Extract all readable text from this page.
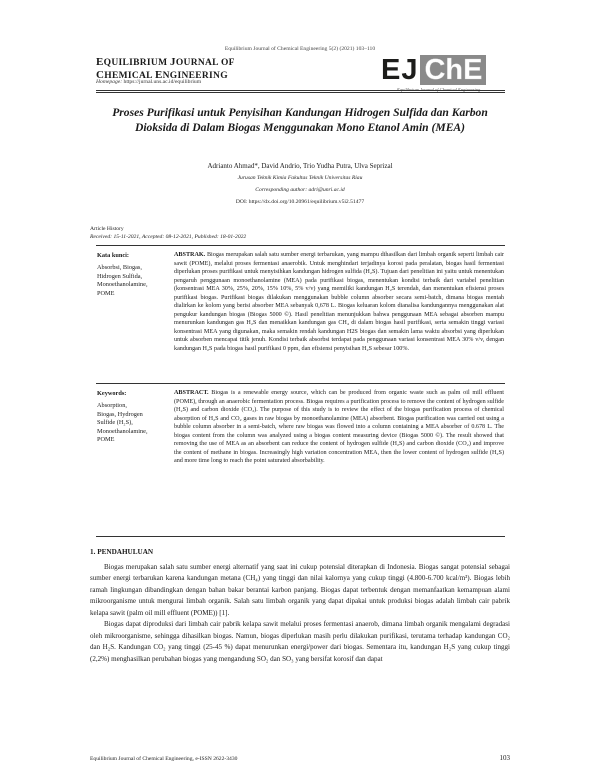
Equilibrium Journal of Chemical Engineering 5(2) (2021) 103–110
EQUILIBRIUM JOURNAL OF
CHEMICAL ENGINEERING
Homepage: https://jurnal.uns.ac.id/equilibrium	EJ ChE
Equilibrium Journal of Chemical Engineering
Proses Purifikasi untuk Penyisihan Kandungan Hidrogen Sulfida dan Karbon Dioksida di Dalam Biogas Menggunakan Mono Etanol Amin (MEA)
Adrianto Ahmad*, David Andrio, Trio Yudha Putra, Ulva Seprizal
Jurusan Teknik Kimia Fakultas Teknik Universitas Riau
Corresponding author: adri@unri.ac.id
DOI: https://dx.doi.org/10.20961/equilibrium.v5i2.51477
Article History
Received: 15-11-2021, Accepted: 08-12-2021, Published: 18-01-2022
Kata kunci:
Absorbsi, Biogas,
Hidrogen Sulfida,
Monoethanolamine,
POME
ABSTRAK. Biogas merupakan salah satu sumber energi terbarukan, yang mampu dihasilkan dari limbah organik seperti limbah cair sawit (POME), melalui proses fermentasi anaerobik. Untuk menghindari terjadinya korosi pada peralatan, biogas hasil fermentasi diperlukan proses purifikasi untuk menyisihkan kandungan hidrogen sulfida (H₂S). Tujuan dari penelitian ini yaitu untuk menentukan pengaruh penggunaan monoethanolamine (MEA) pada purifikasi biogas, menentukan kondisi terbaik dari variabel penelitian (konsentrasi MEA 30%, 25%, 20%, 15% 10%, 5% v/v) yang memiliki kandungan H₂S terendah, dan menentukan efisiensi proses purifikasi biogas. Purifikasi biogas dilakukan menggunakan bubble column absorber secara semi-batch, dimana biogas mentah dialirkan ke kolom yang berisi absorber MEA sebanyak 0,678 L. Biogas keluaran kolom dianalisa kandungannya menggunakan alat pengukur kandungan biogas (Biogas 5000 ©). Hasil penelitian menunjukkan bahwa penggunaan MEA sebagai absorben mampu menurunkan kandungan gas H₂S dan menaikkan kandungan gas CH₄ di dalam biogas hasil purifikasi, serta semakin tinggi variasi konsentrasi MEA yang digunakan, maka semakin rendah kandungan H2S biogas dan semakin lama waktu absorbsi yang diperlukan untuk absorben mencapai titik jenuh. Kondisi terbaik absorbsi terdapat pada penggunaan variasi konsentrasi MEA 30% v/v, dengan kandungan H₂S pada biogas hasil purifikasi 0 ppm, dan efisiensi penyisihan H₂S sebesar 100%.
Keywords:
Absorption,
Biogas, Hydrogen
Sulfide (H₂S),
Monoethanolamine,
POME
ABSTRACT. Biogas is a renewable energy source, which can be produced from organic waste such as palm oil mill effluent (POME), through an anaerobic fermentation process. Biogas requires a purification process to remove the content of hydrogen sulfide (H₂S) and carbon dioxide (CO₂). The purpose of this study is to review the effect of the biogas purification process of chemical absorption of H₂S and CO₂ gases in raw biogas by monoethanolamine (MEA) absorbent. Biogas purification was carried out using a bubble column absorber in a semi-batch, where raw biogas was flowed into a column containing a MEA absorber of 0.678 L. The biogas content from the column was analyzed using a biogas content measuring device (Biogas 5000 ©). The result showed that removing the use of MEA as an absorbent can reduce the content of hydrogen sulfide (H₂S) and carbon dioxide (CO₂) and improve the content of methane in biogas. Increasingly high variation concentration MEA, then the lower content of hydrogen sulfide (H₂S) and more time long to reach the point saturated absorbability.
1. PENDAHULUAN

Biogas merupakan salah satu sumber energi alternatif yang saat ini cukup potensial diterapkan di Indonesia. Biogas sangat potensial sebagai sumber energi terbarukan karena kandungan metana (CH₄) yang tinggi dan nilai kalornya yang cukup tinggi (4.800-6.700 kcal/m³). Biogas lebih ramah lingkungan dibandingkan dengan bahan bakar berantai karbon panjang. Biogas dapat terbentuk dengan memanfaatkan kemampuan alami mikroorganisme untuk mengurai limbah organik. Salah satu limbah organik yang dapat dipakai untuk produksi biogas adalah limbah cair pabrik kelapa sawit (palm oil mill effluent (POME)) [1].

Biogas dapat diproduksi dari limbah cair pabrik kelapa sawit melalui proses fermentasi anaerob, dimana limbah organik mengalami degradasi oleh mikroorganisme, sehingga dihasilkan biogas. Namun, biogas diperlukan masih perlu dilakukan purifikasi, terutama terhadap kandungan CO₂ dan H₂S. Kandungan CO₂ yang tinggi (25-45 %) dapat menurunkan energi/power dari biogas. Sementara itu, kandungan H₂S yang cukup tinggi (2,2%) menghasilkan perubahan biogas yang mengandung SO₂ dan SO₃ yang bersifat korosif dan dapat

Equilibrium Journal of Chemical Engineering, e-ISSN 2622-3430	103
